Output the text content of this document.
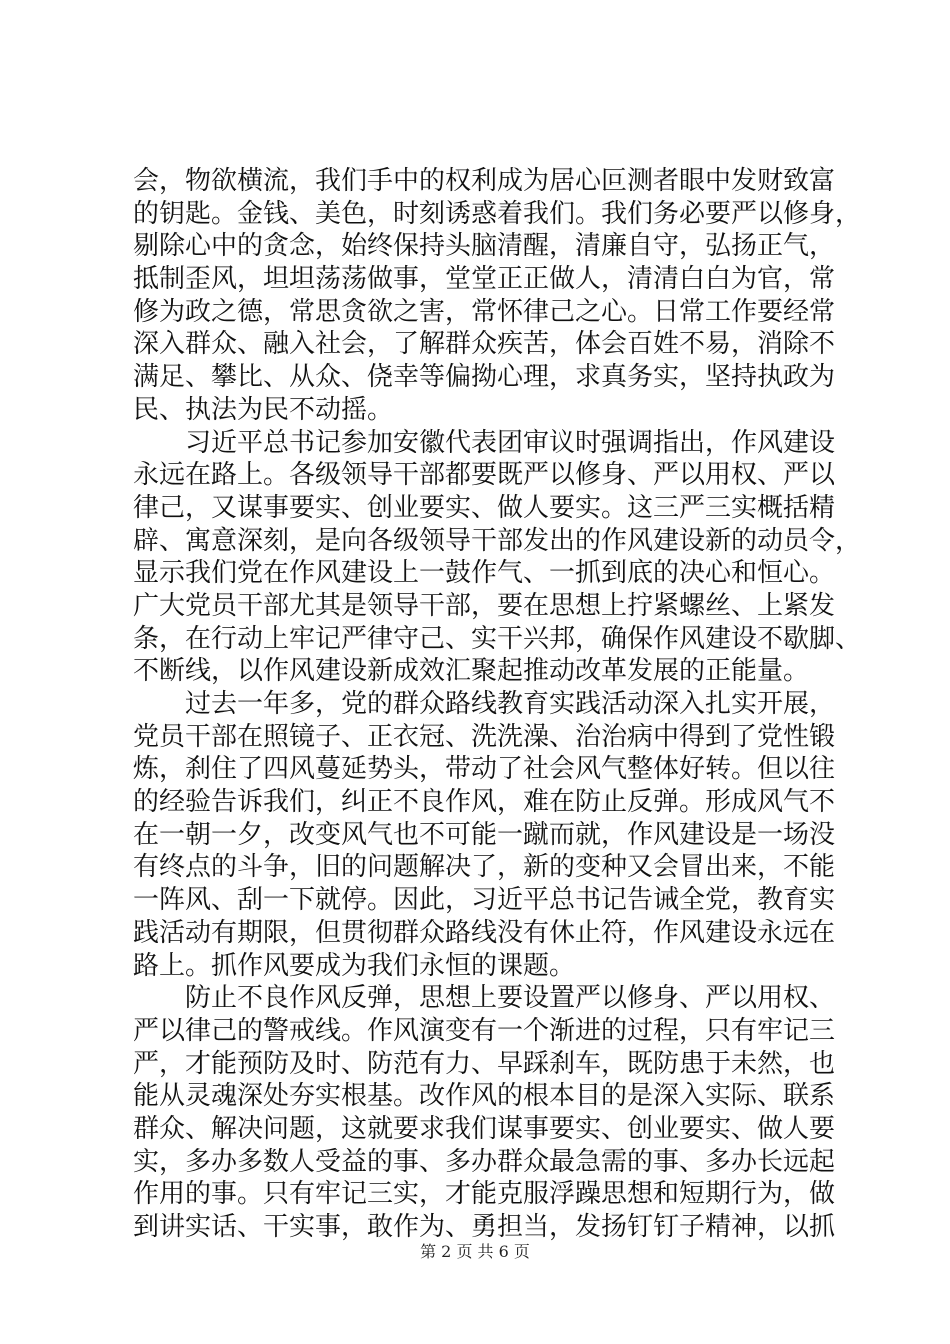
会，物欲横流，我们手中的权利成为居心叵测者眼中发财致富
的钥匙。金钱、美色，时刻诱惑着我们。我们务必要严以修身，
剔除心中的贪念，始终保持头脑清醒，清廉自守，弘扬正气，
抵制歪风，坦坦荡荡做事，堂堂正正做人，清清白白为官，常
修为政之德，常思贪欲之害，常怀律己之心。日常工作要经常
深入群众、融入社会，了解群众疾苦，体会百姓不易，消除不
满足、攀比、从众、侥幸等偏拗心理，求真务实，坚持执政为
民、执法为民不动摇。
　　习近平总书记参加安徽代表团审议时强调指出，作风建设
永远在路上。各级领导干部都要既严以修身、严以用权、严以
律己，又谋事要实、创业要实、做人要实。这三严三实概括精
辟、寓意深刻，是向各级领导干部发出的作风建设新的动员令，
显示我们党在作风建设上一鼓作气、一抓到底的决心和恒心。
广大党员干部尤其是领导干部，要在思想上拧紧螺丝、上紧发
条，在行动上牢记严律守己、实干兴邦，确保作风建设不歇脚、
不断线，以作风建设新成效汇聚起推动改革发展的正能量。
　　过去一年多，党的群众路线教育实践活动深入扎实开展，
党员干部在照镜子、正衣冠、洗洗澡、治治病中得到了党性锻
炼，刹住了四风蔓延势头，带动了社会风气整体好转。但以往
的经验告诉我们，纠正不良作风，难在防止反弹。形成风气不
在一朝一夕，改变风气也不可能一蹴而就，作风建设是一场没
有终点的斗争，旧的问题解决了，新的变种又会冒出来，不能
一阵风、刮一下就停。因此，习近平总书记告诫全党，教育实
践活动有期限，但贯彻群众路线没有休止符，作风建设永远在
路上。抓作风要成为我们永恒的课题。
　　防止不良作风反弹，思想上要设置严以修身、严以用权、
严以律己的警戒线。作风演变有一个渐进的过程，只有牢记三
严，才能预防及时、防范有力、早踩刹车，既防患于未然，也
能从灵魂深处夯实根基。改作风的根本目的是深入实际、联系
群众、解决问题，这就要求我们谋事要实、创业要实、做人要
实，多办多数人受益的事、多办群众最急需的事、多办长远起
作用的事。只有牢记三实，才能克服浮躁思想和短期行为，做
到讲实话、干实事，敢作为、勇担当，发扬钉钉子精神，以抓
第 2 页 共 6 页
